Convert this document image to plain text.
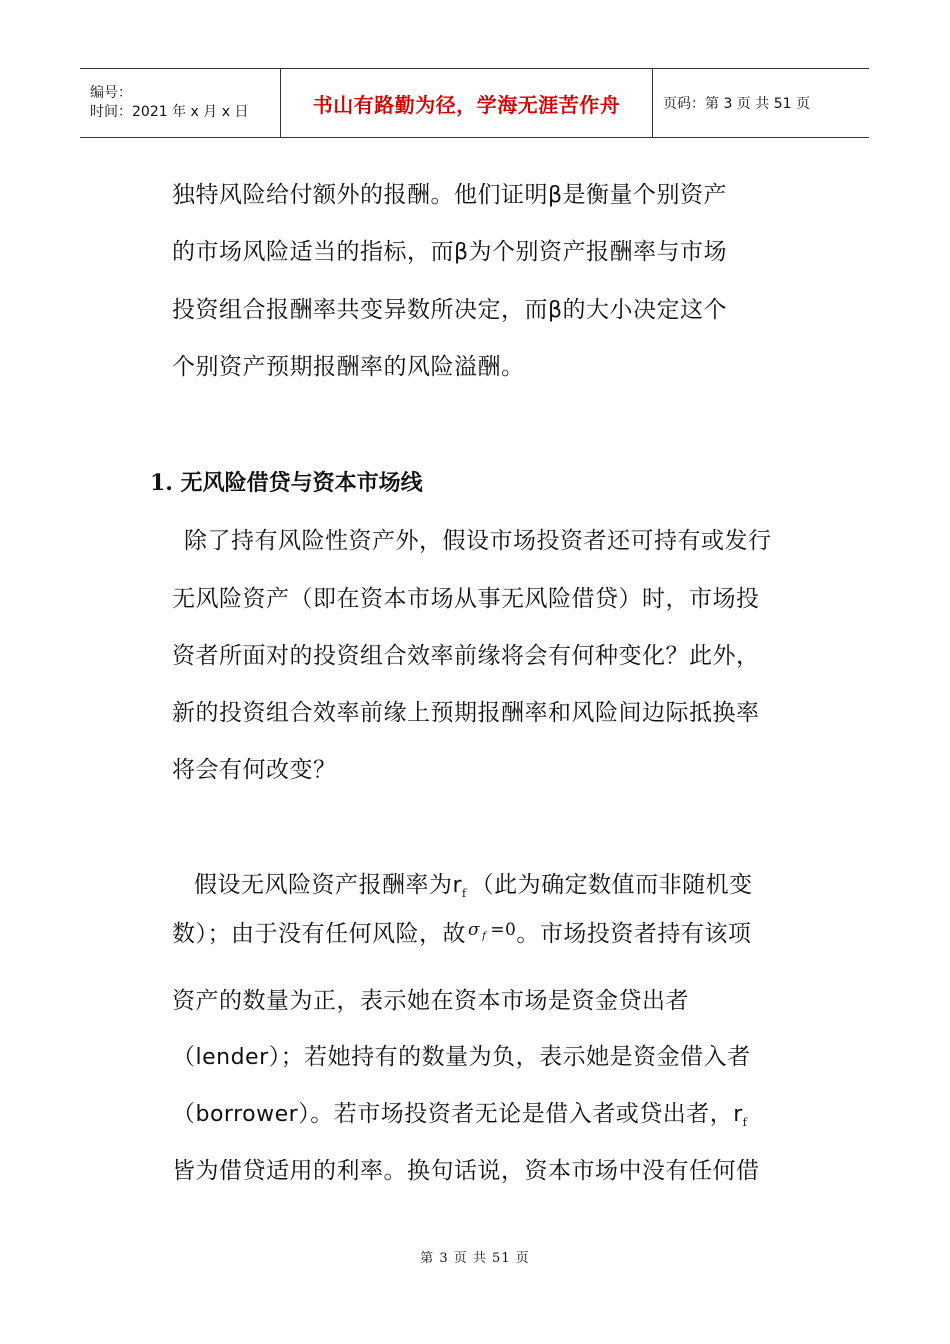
编号：
时间：2021 年 x 月 x 日	书山有路勤为径，学海无涯苦作舟	页码：第 3 页 共 51 页
独特风险给付额外的报酬。他们证明β是衡量个别资产
的市场风险适当的指标，而β为个别资产报酬率与市场
投资组合报酬率共变异数所决定，而β的大小决定这个
个别资产预期报酬率的风险溢酬。
1. 无风险借贷与资本市场线
除了持有风险性资产外，假设市场投资者还可持有或发行
无风险资产（即在资本市场从事无风险借贷）时，市场投
资者所面对的投资组合效率前缘将会有何种变化？此外，
新的投资组合效率前缘上预期报酬率和风险间边际抵换率
将会有何改变？
假设无风险资产报酬率为$r_f$ （此为确定数值而非随机变
数）；由于没有任何风险，故 $^\sigma$ f $^{=0}$。市场投资者持有该项
资产的数量为正，表示她在资本市场是资金贷出者
（lender）；若她持有的数量为负，表示她是资金借入者
（borrower）。若市场投资者无论是借入者或贷出者，$r_f$
皆为借贷适用的利率。换句话说，资本市场中没有任何借
第 3 页 共 51 页
